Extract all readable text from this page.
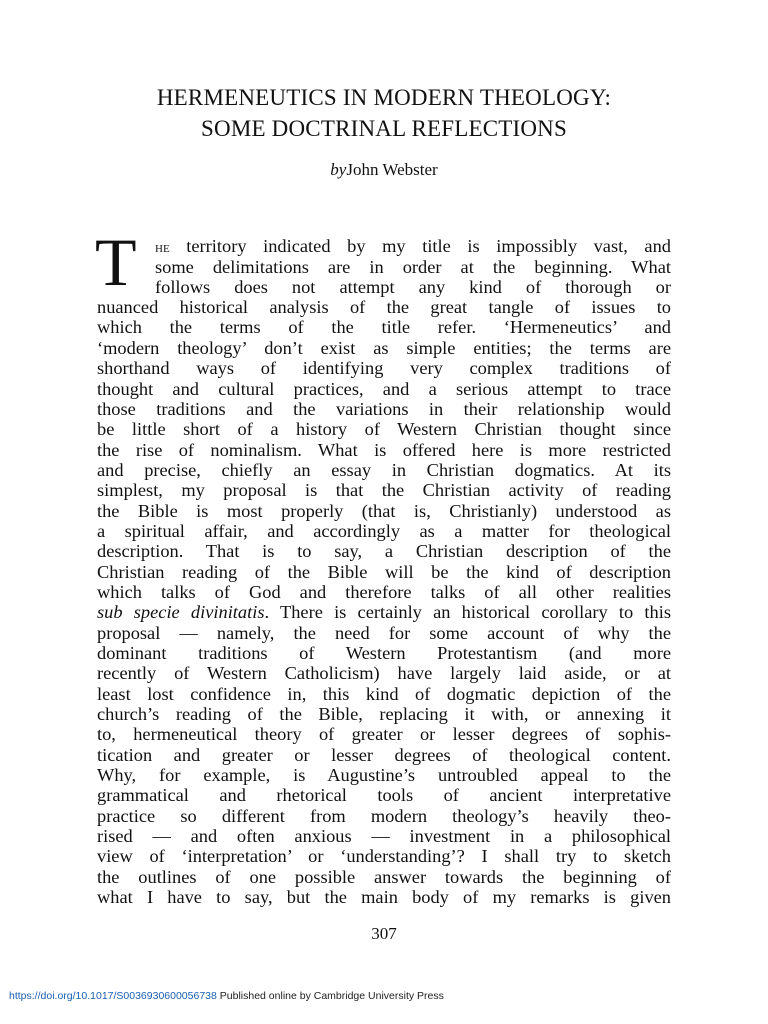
HERMENEUTICS IN MODERN THEOLOGY:
SOME DOCTRINAL REFLECTIONS
byJohn Webster
T he territory indicated by my title is impossibly vast, and
some delimitations are in order at the beginning. What
follows does not attempt any kind of thorough or
nuanced historical analysis of the great tangle of issues to
which the terms of the title refer. ‘Hermeneutics’ and
‘modern theology’ don’t exist as simple entities; the terms are
shorthand ways of identifying very complex traditions of
thought and cultural practices, and a serious attempt to trace
those traditions and the variations in their relationship would
be little short of a history of Western Christian thought since
the rise of nominalism. What is offered here is more restricted
and precise, chiefly an essay in Christian dogmatics. At its
simplest, my proposal is that the Christian activity of reading
the Bible is most properly (that is, Christianly) understood as
a spiritual affair, and accordingly as a matter for theological
description. That is to say, a Christian description of the
Christian reading of the Bible will be the kind of description
which talks of God and therefore talks of all other realities
sub specie divinitatis. There is certainly an historical corollary to this
proposal — namely, the need for some account of why the
dominant traditions of Western Protestantism (and more
recently of Western Catholicism) have largely laid aside, or at
least lost confidence in, this kind of dogmatic depiction of the
church’s reading of the Bible, replacing it with, or annexing it
to, hermeneutical theory of greater or lesser degrees of sophis-
tication and greater or lesser degrees of theological content.
Why, for example, is Augustine’s untroubled appeal to the
grammatical and rhetorical tools of ancient interpretative
practice so different from modern theology’s heavily theo-
rised — and often anxious — investment in a philosophical
view of ‘interpretation’ or ‘understanding’? I shall try to sketch
the outlines of one possible answer towards the beginning of
what I have to say, but the main body of my remarks is given
307
https://doi.org/10.1017/S0036930600056738 Published online by Cambridge University Press
